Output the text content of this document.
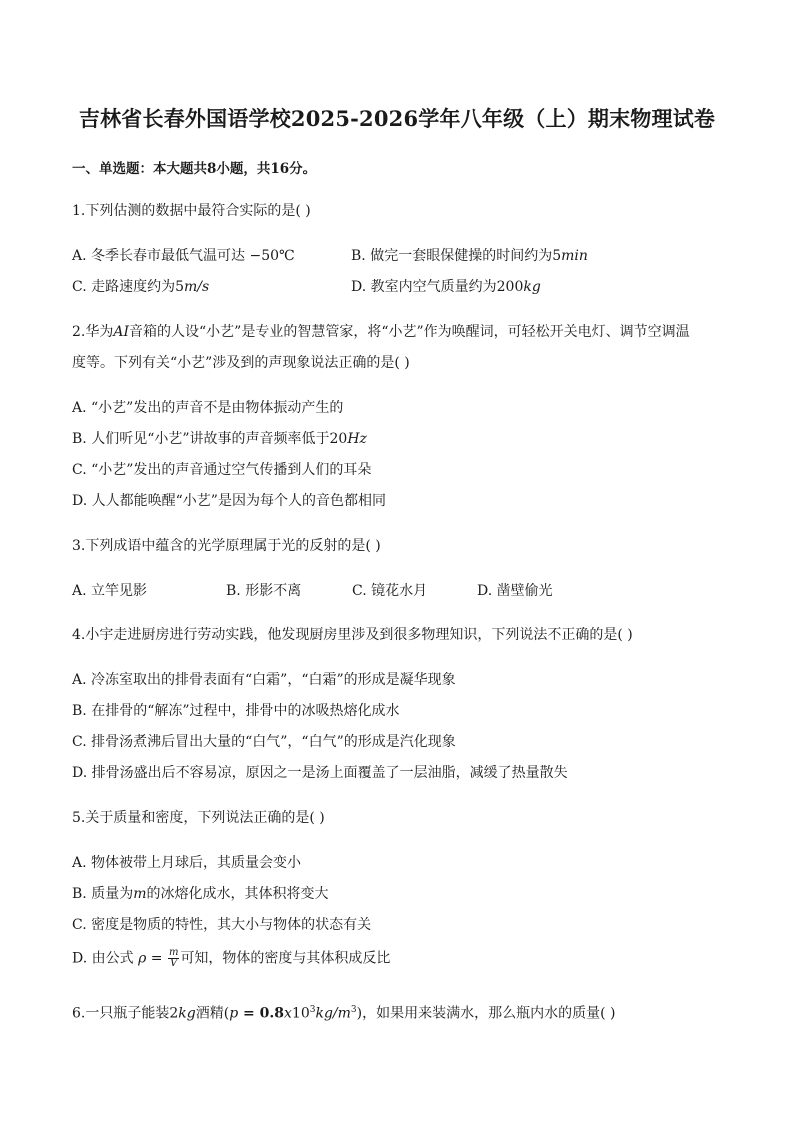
吉林省长春外国语学校2025-2026学年八年级（上）期末物理试卷
一、单选题：本大题共8小题，共16分。
1.下列估测的数据中最符合实际的是( )
A. 冬季长春市最低气温可达 −50℃	B. 做完一套眼保健操的时间约为5min
C. 走路速度约为5m/s	D. 教室内空气质量约为200kg
2.华为AI音箱的人设“小艺”是专业的智慧管家，将“小艺”作为唤醒词，可轻松开关电灯、调节空调温
度等。下列有关“小艺”涉及到的声现象说法正确的是( )
A. “小艺”发出的声音不是由物体振动产生的
B. 人们听见“小艺”讲故事的声音频率低于20Hz
C. “小艺”发出的声音通过空气传播到人们的耳朵
D. 人人都能唤醒“小艺”是因为每个人的音色都相同
3.下列成语中蕴含的光学原理属于光的反射的是( )
A. 立竿见影	B. 形影不离	C. 镜花水月	D. 凿壁偷光
4.小宇走进厨房进行劳动实践，他发现厨房里涉及到很多物理知识，下列说法不正确的是( )
A. 冷冻室取出的排骨表面有“白霜”，“白霜”的形成是凝华现象
B. 在排骨的“解冻”过程中，排骨中的冰吸热熔化成水
C. 排骨汤煮沸后冒出大量的“白气”，“白气”的形成是汽化现象
D. 排骨汤盛出后不容易凉，原因之一是汤上面覆盖了一层油脂，减缓了热量散失
5.关于质量和密度，下列说法正确的是( )
A. 物体被带上月球后，其质量会变小
B. 质量为m的冰熔化成水，其体积将变大
C. 密度是物质的特性，其大小与物体的状态有关
D. 由公式 $\rho = \frac{m}{V}$ 可知，物体的密度与其体积成反比
6.一只瓶子能装2kg酒精$(p = 0.8x10^3kg/m^3)$，如果用来装满水，那么瓶内水的质量( )
